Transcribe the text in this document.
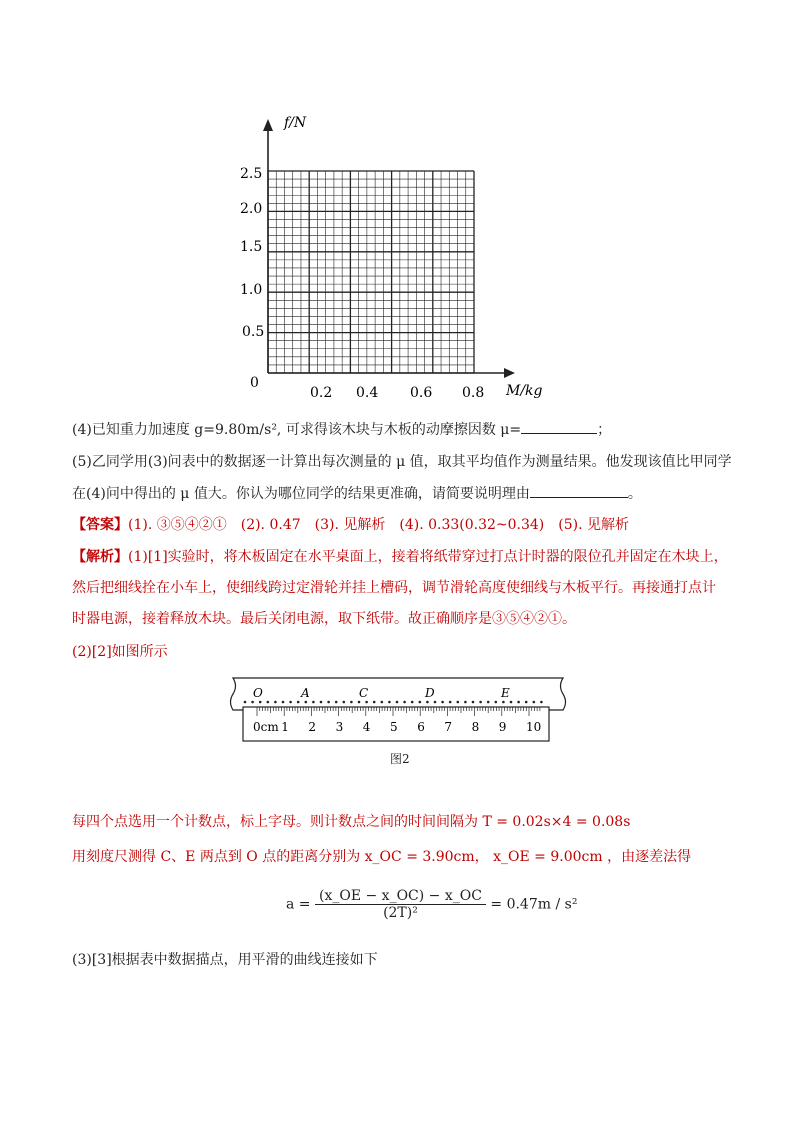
f/N
M/kg
0
0.5
1.0
1.5
2.0
2.5
0.2 0.4 0.6 0.8
(4)已知重力加速度 g=9.80m/s², 可求得该木块与木板的动摩擦因数 μ=	；
(5)乙同学用(3)问表中的数据逐一计算出每次测量的 μ 值，取其平均值作为测量结果。他发现该值比甲同学
在(4)问中得出的 μ 值大。你认为哪位同学的结果更准确，请简要说明理由	。
【答案】(1). ③⑤④②①　(2). 0.47　(3). 见解析　(4). 0.33(0.32~0.34)　(5). 见解析
【解析】(1)[1]实验时，将木板固定在水平桌面上，接着将纸带穿过打点计时器的限位孔并固定在木块上，
然后把细线拴在小车上，使细线跨过定滑轮并挂上槽码，调节滑轮高度使细线与木板平行。再接通打点计
时器电源，接着释放木块。最后关闭电源，取下纸带。故正确顺序是③⑤④②①。
(2)[2]如图所示
O	A	C	D	E
0cm 1 2 3 4 5 6 7 8 9 10
图2
每四个点选用一个计数点，标上字母。则计数点之间的时间间隔为 T = 0.02s×4 = 0.08s
用刻度尺测得 C、E 两点到 O 点的距离分别为 x_OC = 3.90cm， x_OE = 9.00cm ，由逐差法得
$a = \frac{(x\_OE - x\_OC) - x\_OC}{\text{(2T)²}} = 0.47m / s^2$
(3)[3]根据表中数据描点，用平滑的曲线连接如下
